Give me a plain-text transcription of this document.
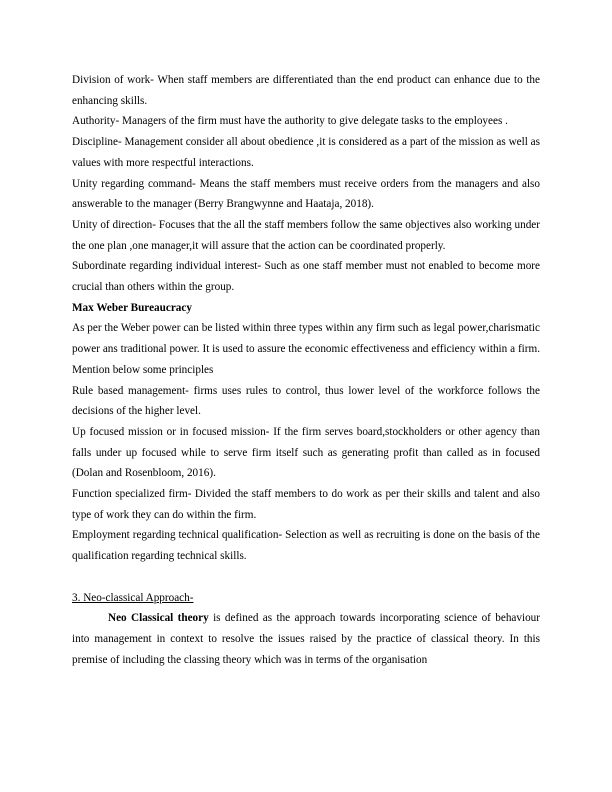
Division of work- When staff members are differentiated than the end product can enhance due to the enhancing skills.

Authority- Managers of the firm must have the authority to give delegate tasks to the employees .

Discipline- Management consider all about obedience ,it is considered as a part of the mission as well as values with more respectful interactions.

Unity regarding command- Means the staff members must receive orders from the managers and also answerable to the manager (Berry Brangwynne and Haataja, 2018).

Unity of direction- Focuses that the all the staff members follow the same objectives also working under the one plan ,one manager,it will assure that the action can be coordinated properly.

Subordinate regarding individual interest- Such as one staff member must not enabled to become more crucial than others within the group.

Max Weber Bureaucracy

As per the Weber power can be listed within three types within any firm such as legal power,charismatic power ans traditional power. It is used to assure the economic effectiveness and efficiency within a firm. Mention below some principles

Rule based management- firms uses rules to control, thus lower level of the workforce follows the decisions of the higher level.

Up focused mission or in focused mission- If the firm serves board,stockholders or other agency than falls under up focused while to serve firm itself such as generating profit than called as in focused (Dolan and Rosenbloom, 2016).

Function specialized firm- Divided the staff members to do work as per their skills and talent and also type of work they can do within the firm.

Employment regarding technical qualification- Selection as well as recruiting is done on the basis of the qualification regarding technical skills.

3. Neo-classical Approach-

Neo Classical theory is defined as the approach towards incorporating science of behaviour into management in context to resolve the issues raised by the practice of classical theory. In this premise of including the classing theory which was in terms of the organisation
